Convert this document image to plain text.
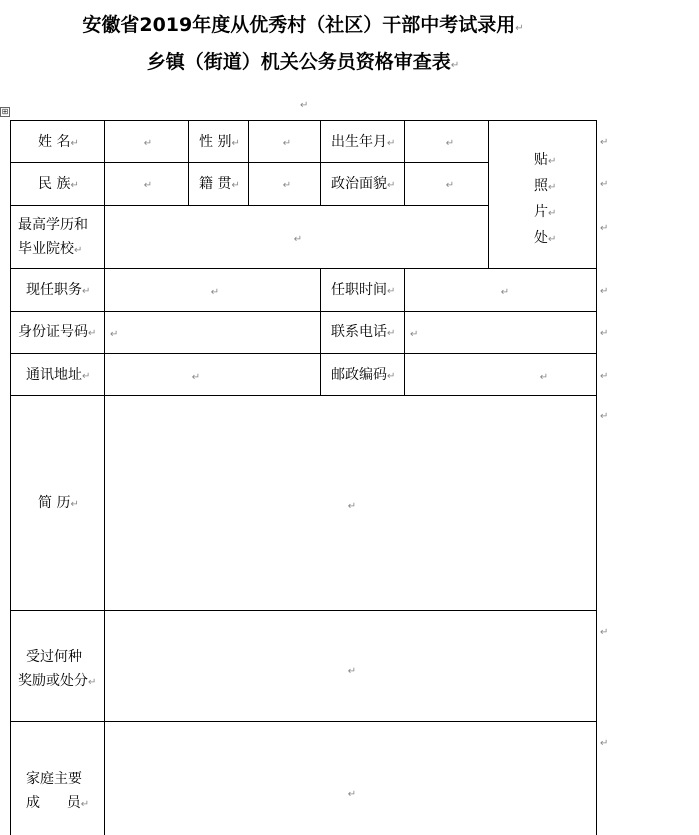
安徽省2019年度从优秀村（社区）干部中考试录用↵
乡镇（街道）机关公务员资格审查表↵
⊞
↵
姓 名↵	↵	性 别↵	↵	出生年月↵	↵
贴↵
照↵
片↵
处↵
民 族↵	↵	籍 贯↵	↵	政治面貌↵	↵
最高学历和
毕业院校↵
↵
现任职务↵	↵	任职时间↵	↵
身份证号码↵ ↵	联系电话↵ ↵
通讯地址↵	↵	邮政编码↵	↵
简 历↵	↵
受过何种
奖励或处分↵
↵
家庭主要
成      员↵
↵
↵
↵
↵
↵
↵
↵
↵
↵
↵
